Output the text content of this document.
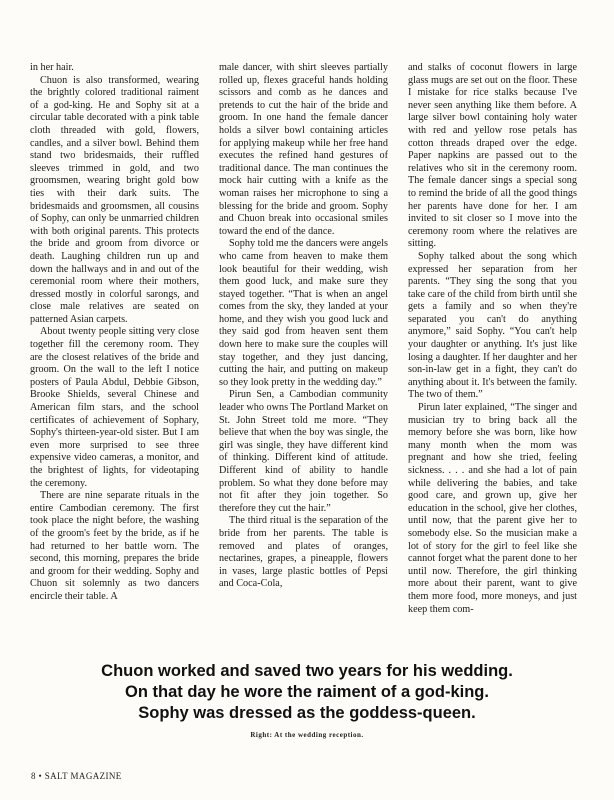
in her hair.

Chuon is also transformed, wearing the brightly colored traditional raiment of a god-king. He and Sophy sit at a circular table decorated with a pink table cloth threaded with gold, flowers, candles, and a silver bowl. Behind them stand two bridesmaids, their ruffled sleeves trimmed in gold, and two groomsmen, wearing bright gold bow ties with their dark suits. The bridesmaids and groomsmen, all cousins of Sophy, can only be unmarried children with both original parents. This protects the bride and groom from divorce or death. Laughing children run up and down the hallways and in and out of the ceremonial room where their mothers, dressed mostly in colorful sarongs, and close male relatives are seated on patterned Asian carpets.

About twenty people sitting very close together fill the ceremony room. They are the closest relatives of the bride and groom. On the wall to the left I notice posters of Paula Abdul, Debbie Gibson, Brooke Shields, several Chinese and American film stars, and the school certificates of achievement of Sophary, Sophy's thirteen-year-old sister. But I am even more surprised to see three expensive video cameras, a monitor, and the brightest of lights, for videotaping the ceremony.

There are nine separate rituals in the entire Cambodian ceremony. The first took place the night before, the washing of the groom's feet by the bride, as if he had returned to her battle worn. The second, this morning, prepares the bride and groom for their wedding. Sophy and Chuon sit solemnly as two dancers encircle their table. A

male dancer, with shirt sleeves partially rolled up, flexes graceful hands holding scissors and comb as he dances and pretends to cut the hair of the bride and groom. In one hand the female dancer holds a silver bowl containing articles for applying makeup while her free hand executes the refined hand gestures of traditional dance. The man continues the mock hair cutting with a knife as the woman raises her microphone to sing a blessing for the bride and groom. Sophy and Chuon break into occasional smiles toward the end of the dance.

Sophy told me the dancers were angels who came from heaven to make them look beautiful for their wedding, wish them good luck, and make sure they stayed together. “That is when an angel comes from the sky, they landed at your home, and they wish you good luck and they said god from heaven sent them down here to make sure the couples will stay together, and they just dancing, cutting the hair, and putting on makeup so they look pretty in the wedding day.”

Pirun Sen, a Cambodian community leader who owns The Portland Market on St. John Street told me more. “They believe that when the boy was single, the girl was single, they have different kind of thinking. Different kind of attitude. Different kind of ability to handle problem. So what they done before may not fit after they join together. So therefore they cut the hair.”

The third ritual is the separation of the bride from her parents. The table is removed and plates of oranges, nectarines, grapes, a pineapple, flowers in vases, large plastic bottles of Pepsi and Coca-Cola,

and stalks of coconut flowers in large glass mugs are set out on the floor. These I mistake for rice stalks because I've never seen anything like them before. A large silver bowl containing holy water with red and yellow rose petals has cotton threads draped over the edge. Paper napkins are passed out to the relatives who sit in the ceremony room. The female dancer sings a special song to remind the bride of all the good things her parents have done for her. I am invited to sit closer so I move into the ceremony room where the relatives are sitting.

Sophy talked about the song which expressed her separation from her parents. “They sing the song that you take care of the child from birth until she gets a family and so when they're separated you can't do anything anymore,” said Sophy. “You can't help your daughter or anything. It's just like losing a daughter. If her daughter and her son-in-law get in a fight, they can't do anything about it. It's between the family. The two of them.”

Pirun later explained, “The singer and musician try to bring back all the memory before she was born, like how many month when the mom was pregnant and how she tried, feeling sickness. . . . and she had a lot of pain while delivering the babies, and take good care, and grown up, give her education in the school, give her clothes, until now, that the parent give her to somebody else. So the musician make a lot of story for the girl to feel like she cannot forget what the parent done to her until now. Therefore, the girl thinking more about their parent, want to give them more food, more moneys, and just keep them com-

Chuon worked and saved two years for his wedding.
On that day he wore the raiment of a god-king.
Sophy was dressed as the goddess-queen.
Right: At the wedding reception.
8 • SALT MAGAZINE
